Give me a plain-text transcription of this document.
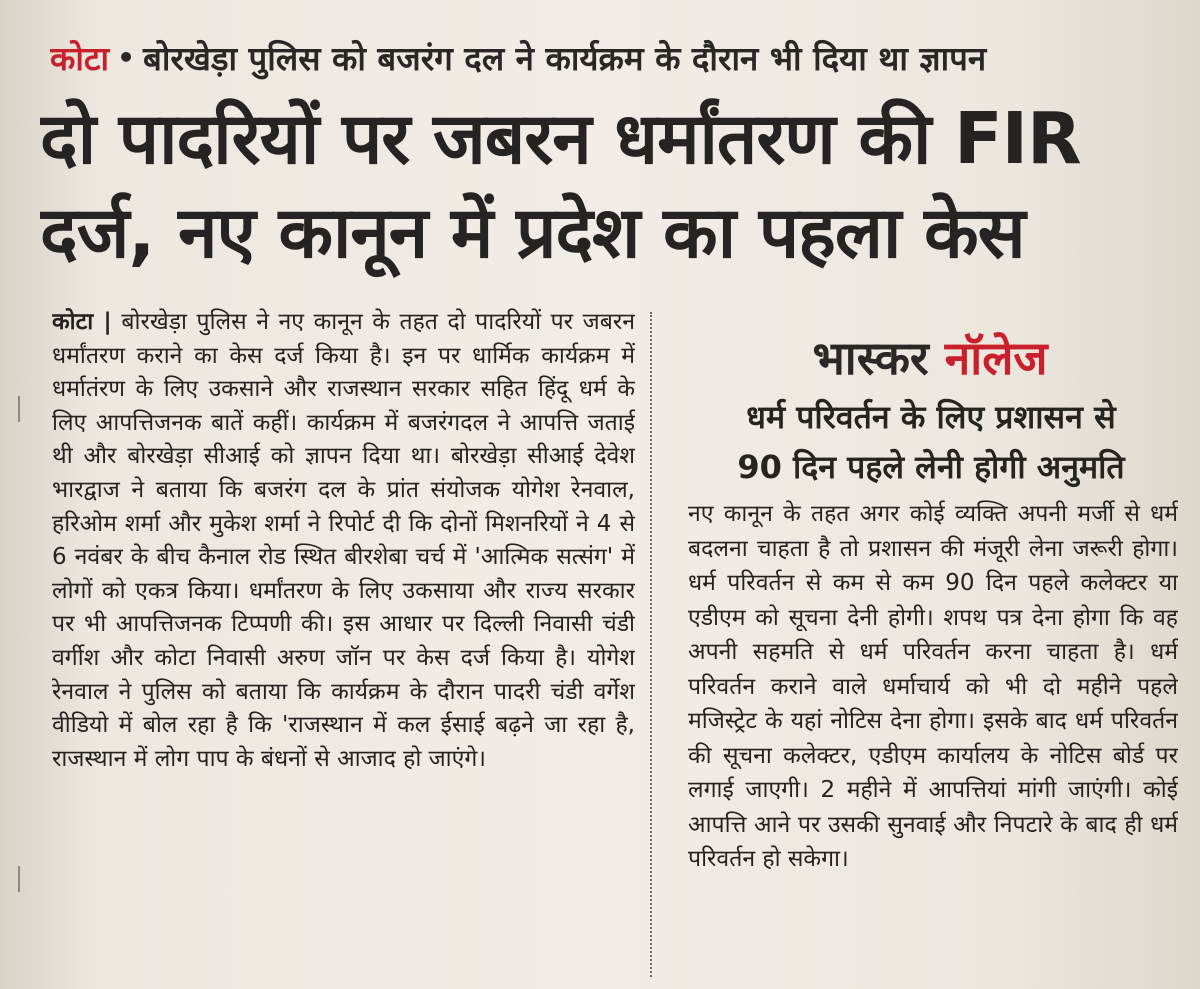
कोटा • बोरखेड़ा पुलिस को बजरंग दल ने कार्यक्रम के दौरान भी दिया था ज्ञापन
दो पादरियों पर जबरन धर्मांतरण की FIR
दर्ज, नए कानून में प्रदेश का पहला केस
कोटा | बोरखेड़ा पुलिस ने नए कानून के तहत दो पादरियों पर जबरन धर्मांतरण कराने का केस दर्ज किया है। इन पर धार्मिक कार्यक्रम में धर्मातंरण के लिए उकसाने और राजस्थान सरकार सहित हिंदू धर्म के लिए आपत्तिजनक बातें कहीं। कार्यक्रम में बजरंगदल ने आपत्ति जताई थी और बोरखेड़ा सीआई को ज्ञापन दिया था। बोरखेड़ा सीआई देवेश भारद्वाज ने बताया कि बजरंग दल के प्रांत संयोजक योगेश रेनवाल, हरिओम शर्मा और मुकेश शर्मा ने रिपोर्ट दी कि दोनों मिशनरियों ने 4 से 6 नवंबर के बीच कैनाल रोड स्थित बीरशेबा चर्च में 'आत्मिक सत्संग' में लोगों को एकत्र किया। धर्मांतरण के लिए उकसाया और राज्य सरकार पर भी आपत्तिजनक टिप्पणी की। इस आधार पर दिल्ली निवासी चंडी वर्गीश और कोटा निवासी अरुण जॉन पर केस दर्ज किया है। योगेश रेनवाल ने पुलिस को बताया कि कार्यक्रम के दौरान पादरी चंडी वर्गेश वीडियो में बोल रहा है कि 'राजस्थान में कल ईसाई बढ़ने जा रहा है, राजस्थान में लोग पाप के बंधनों से आजाद हो जाएंगे।
भास्कर नॉलेज
धर्म परिवर्तन के लिए प्रशासन से
90 दिन पहले लेनी होगी अनुमति
नए कानून के तहत अगर कोई व्यक्ति अपनी मर्जी से धर्म बदलना चाहता है तो प्रशासन की मंजूरी लेना जरूरी होगा। धर्म परिवर्तन से कम से कम 90 दिन पहले कलेक्टर या एडीएम को सूचना देनी होगी। शपथ पत्र देना होगा कि वह अपनी सहमति से धर्म परिवर्तन करना चाहता है। धर्म परिवर्तन कराने वाले धर्माचार्य को भी दो महीने पहले मजिस्ट्रेट के यहां नोटिस देना होगा। इसके बाद धर्म परिवर्तन की सूचना कलेक्टर, एडीएम कार्यालय के नोटिस बोर्ड पर लगाई जाएगी। 2 महीने में आपत्तियां मांगी जाएंगी। कोई आपत्ति आने पर उसकी सुनवाई और निपटारे के बाद ही धर्म परिवर्तन हो सकेगा।
